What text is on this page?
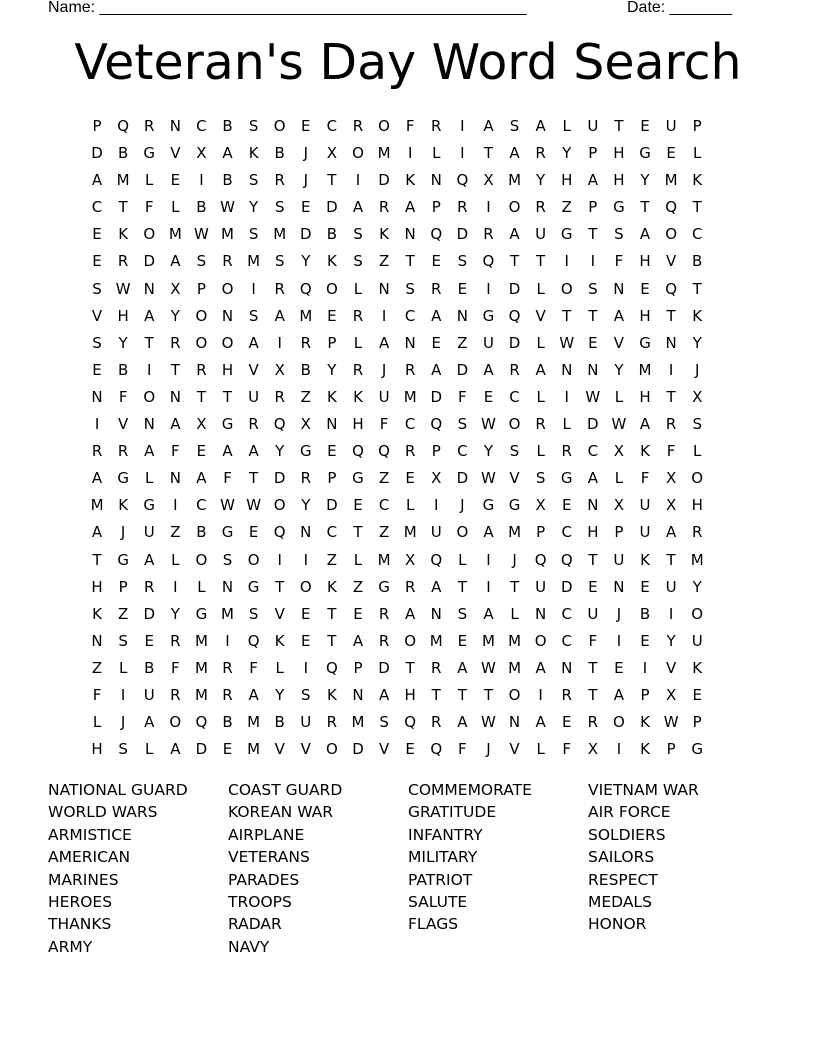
Name: ________________________________________________	Date: _______
Veteran's Day Word Search
P	Q R	N	C	B	S	O	E	C	R O	F	R	I	A	S	A	L	U	T	E	U	P
D	B	G	V	X	A	K	B	J	X	O M	I	L	I	T	A	R	Y	P	H G	E	L
A M	L	E	I	B	S	R	J	T	I	D	K	N Q	X M	Y	H	A	H	Y	M K
C	T	F	L	B W Y	S	E	D	A	R	A	P	R	I	O R	Z	P	G	T	Q	T
E	K	O M W M S M D	B	S	K	N Q D	R	A	U G	T	S	A	O C
E	R	D	A	S	R M S	Y	K	S	Z	T	E	S	Q	T	T	I	I	F	H	V	B
S W N	X	P	O	I	R Q O	L	N	S	R	E	I	D	L	O	S	N	E	Q	T
V	H	A	Y	O N	S	A M E	R	I	C	A	N G Q	V	T	T	A	H	T	K
S	Y	T	R O O	A	I	R	P	L	A	N	E	Z	U D	L W E	V	G N	Y
E	B	I	T	R	H	V	X	B	Y	R	J	R	A	D	A	R	A	N N	Y	M	I	J
N	F	O N	T	T	U	R	Z	K	K	U M D	F	E	C	L	I	W L	H	T	X
I	V	N	A	X	G	R Q	X	N H	F	C Q	S W O R	L	D W A	R	S
R	R	A	F	E	A	A	Y	G	E	Q Q R	P	C	Y	S	L	R	C	X	K	F	L
A	G	L	N	A	F	T	D	R	P	G	Z	E	X	D W V	S	G	A	L	F	X	O
M K	G	I	C W W O	Y	D	E	C	L	I	J	G G	X	E	N	X	U	X	H
A	J	U	Z	B	G	E	Q N	C	T	Z M U O	A M	P	C	H	P	U	A	R
T	G	A	L	O	S	O	I	I	Z	L	M X	Q	L	I	J	Q Q	T	U	K	T	M
H	P	R	I	L	N G	T	O	K	Z	G	R	A	T	I	T	U D	E	N	E	U	Y
K	Z	D	Y	G M S	V	E	T	E	R	A	N	S	A	L	N	C	U	J	B	I	O
N	S	E	R M	I	Q	K	E	T	A	R O M E M M O C	F	I	E	Y	U
Z	L	B	F	M R	F	L	I	Q	P	D	T	R	A W M A	N	T	E	I	V	K
F	I	U	R M R	A	Y	S	K	N	A	H	T	T	T	O	I	R	T	A	P	X	E
L	J	A	O Q	B M B	U	R M S	Q R	A W N	A	E	R O	K W P
H	S	L	A	D	E M V	V	O D	V	E	Q	F	J	V	L	F	X	I	K	P	G
NATIONAL GUARD
WORLD WARS
ARMISTICE
AMERICAN
MARINES
HEROES
THANKS
ARMY
COAST GUARD
KOREAN WAR
AIRPLANE
VETERANS
PARADES
TROOPS
RADAR
NAVY
COMMEMORATE
GRATITUDE
INFANTRY
MILITARY
PATRIOT
SALUTE
FLAGS
VIETNAM WAR
AIR FORCE
SOLDIERS
SAILORS
RESPECT
MEDALS
HONOR
